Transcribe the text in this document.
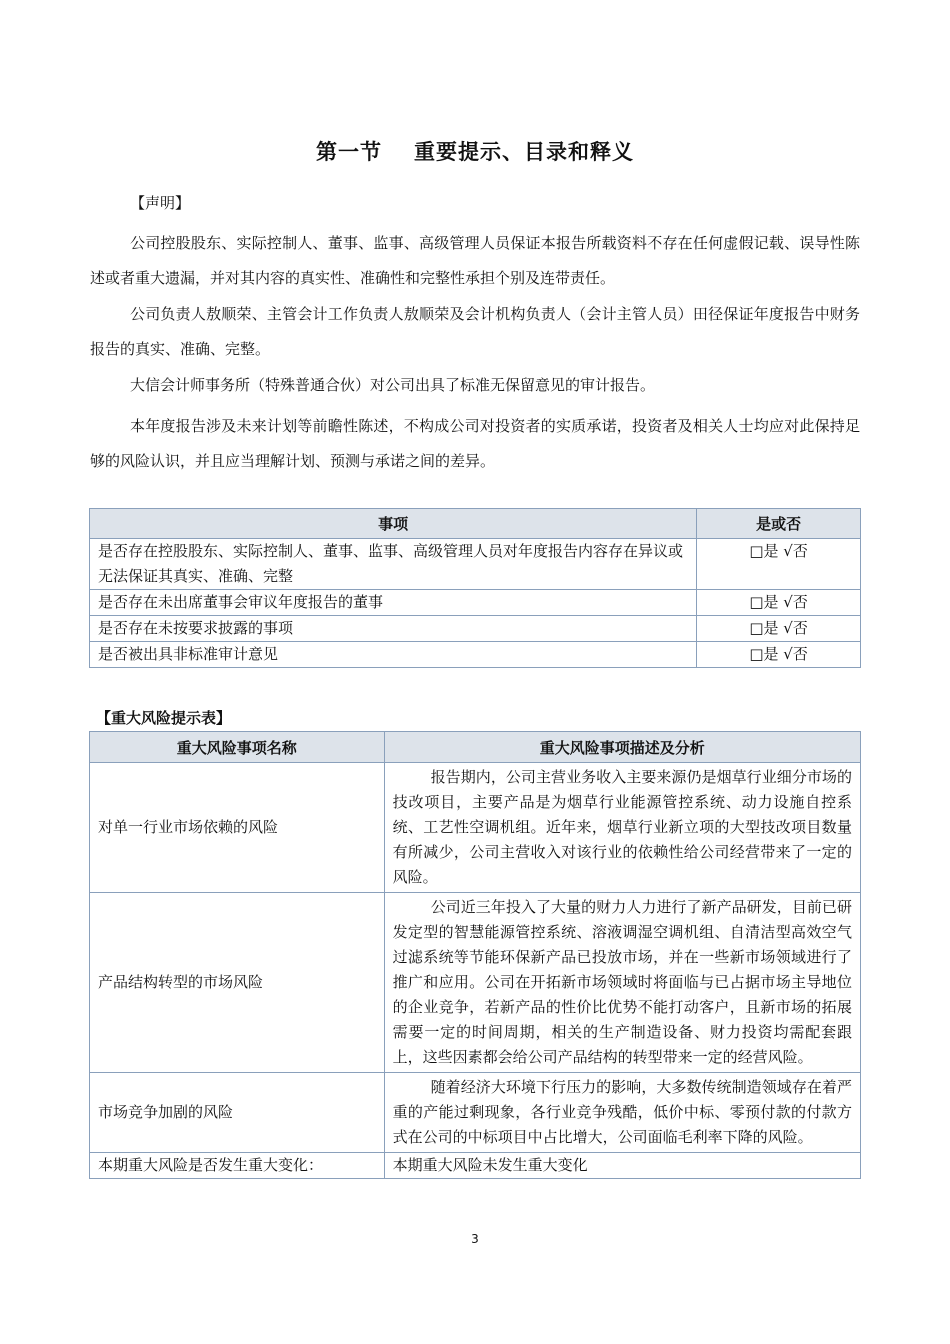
第一节 重要提示、目录和释义
【声明】
公司控股股东、实际控制人、董事、监事、高级管理人员保证本报告所载资料不存在任何虚假记载、误导性陈述或者重大遗漏，并对其内容的真实性、准确性和完整性承担个别及连带责任。
公司负责人敖顺荣、主管会计工作负责人敖顺荣及会计机构负责人（会计主管人员）田径保证年度报告中财务报告的真实、准确、完整。
大信会计师事务所（特殊普通合伙）对公司出具了标准无保留意见的审计报告。
本年度报告涉及未来计划等前瞻性陈述，不构成公司对投资者的实质承诺，投资者及相关人士均应对此保持足够的风险认识，并且应当理解计划、预测与承诺之间的差异。
事项	是或否
是否存在控股股东、实际控制人、董事、监事、高级管理人员对年度报告内容存在异议或无法保证其真实、准确、完整	□是 √否
是否存在未出席董事会审议年度报告的董事	□是 √否
是否存在未按要求披露的事项	□是 √否
是否被出具非标准审计意见	□是 √否
【重大风险提示表】
重大风险事项名称	重大风险事项描述及分析
对单一行业市场依赖的风险	报告期内，公司主营业务收入主要来源仍是烟草行业细分市场的技改项目，主要产品是为烟草行业能源管控系统、动力设施自控系统、工艺性空调机组。近年来，烟草行业新立项的大型技改项目数量有所减少，公司主营收入对该行业的依赖性给公司经营带来了一定的风险。
产品结构转型的市场风险	公司近三年投入了大量的财力人力进行了新产品研发，目前已研发定型的智慧能源管控系统、溶液调湿空调机组、自清洁型高效空气过滤系统等节能环保新产品已投放市场，并在一些新市场领域进行了推广和应用。公司在开拓新市场领域时将面临与已占据市场主导地位的企业竞争，若新产品的性价比优势不能打动客户，且新市场的拓展需要一定的时间周期，相关的生产制造设备、财力投资均需配套跟上，这些因素都会给公司产品结构的转型带来一定的经营风险。
市场竞争加剧的风险	随着经济大环境下行压力的影响，大多数传统制造领域存在着严重的产能过剩现象，各行业竞争残酷，低价中标、零预付款的付款方式在公司的中标项目中占比增大，公司面临毛利率下降的风险。
本期重大风险是否发生重大变化：	本期重大风险未发生重大变化
3
